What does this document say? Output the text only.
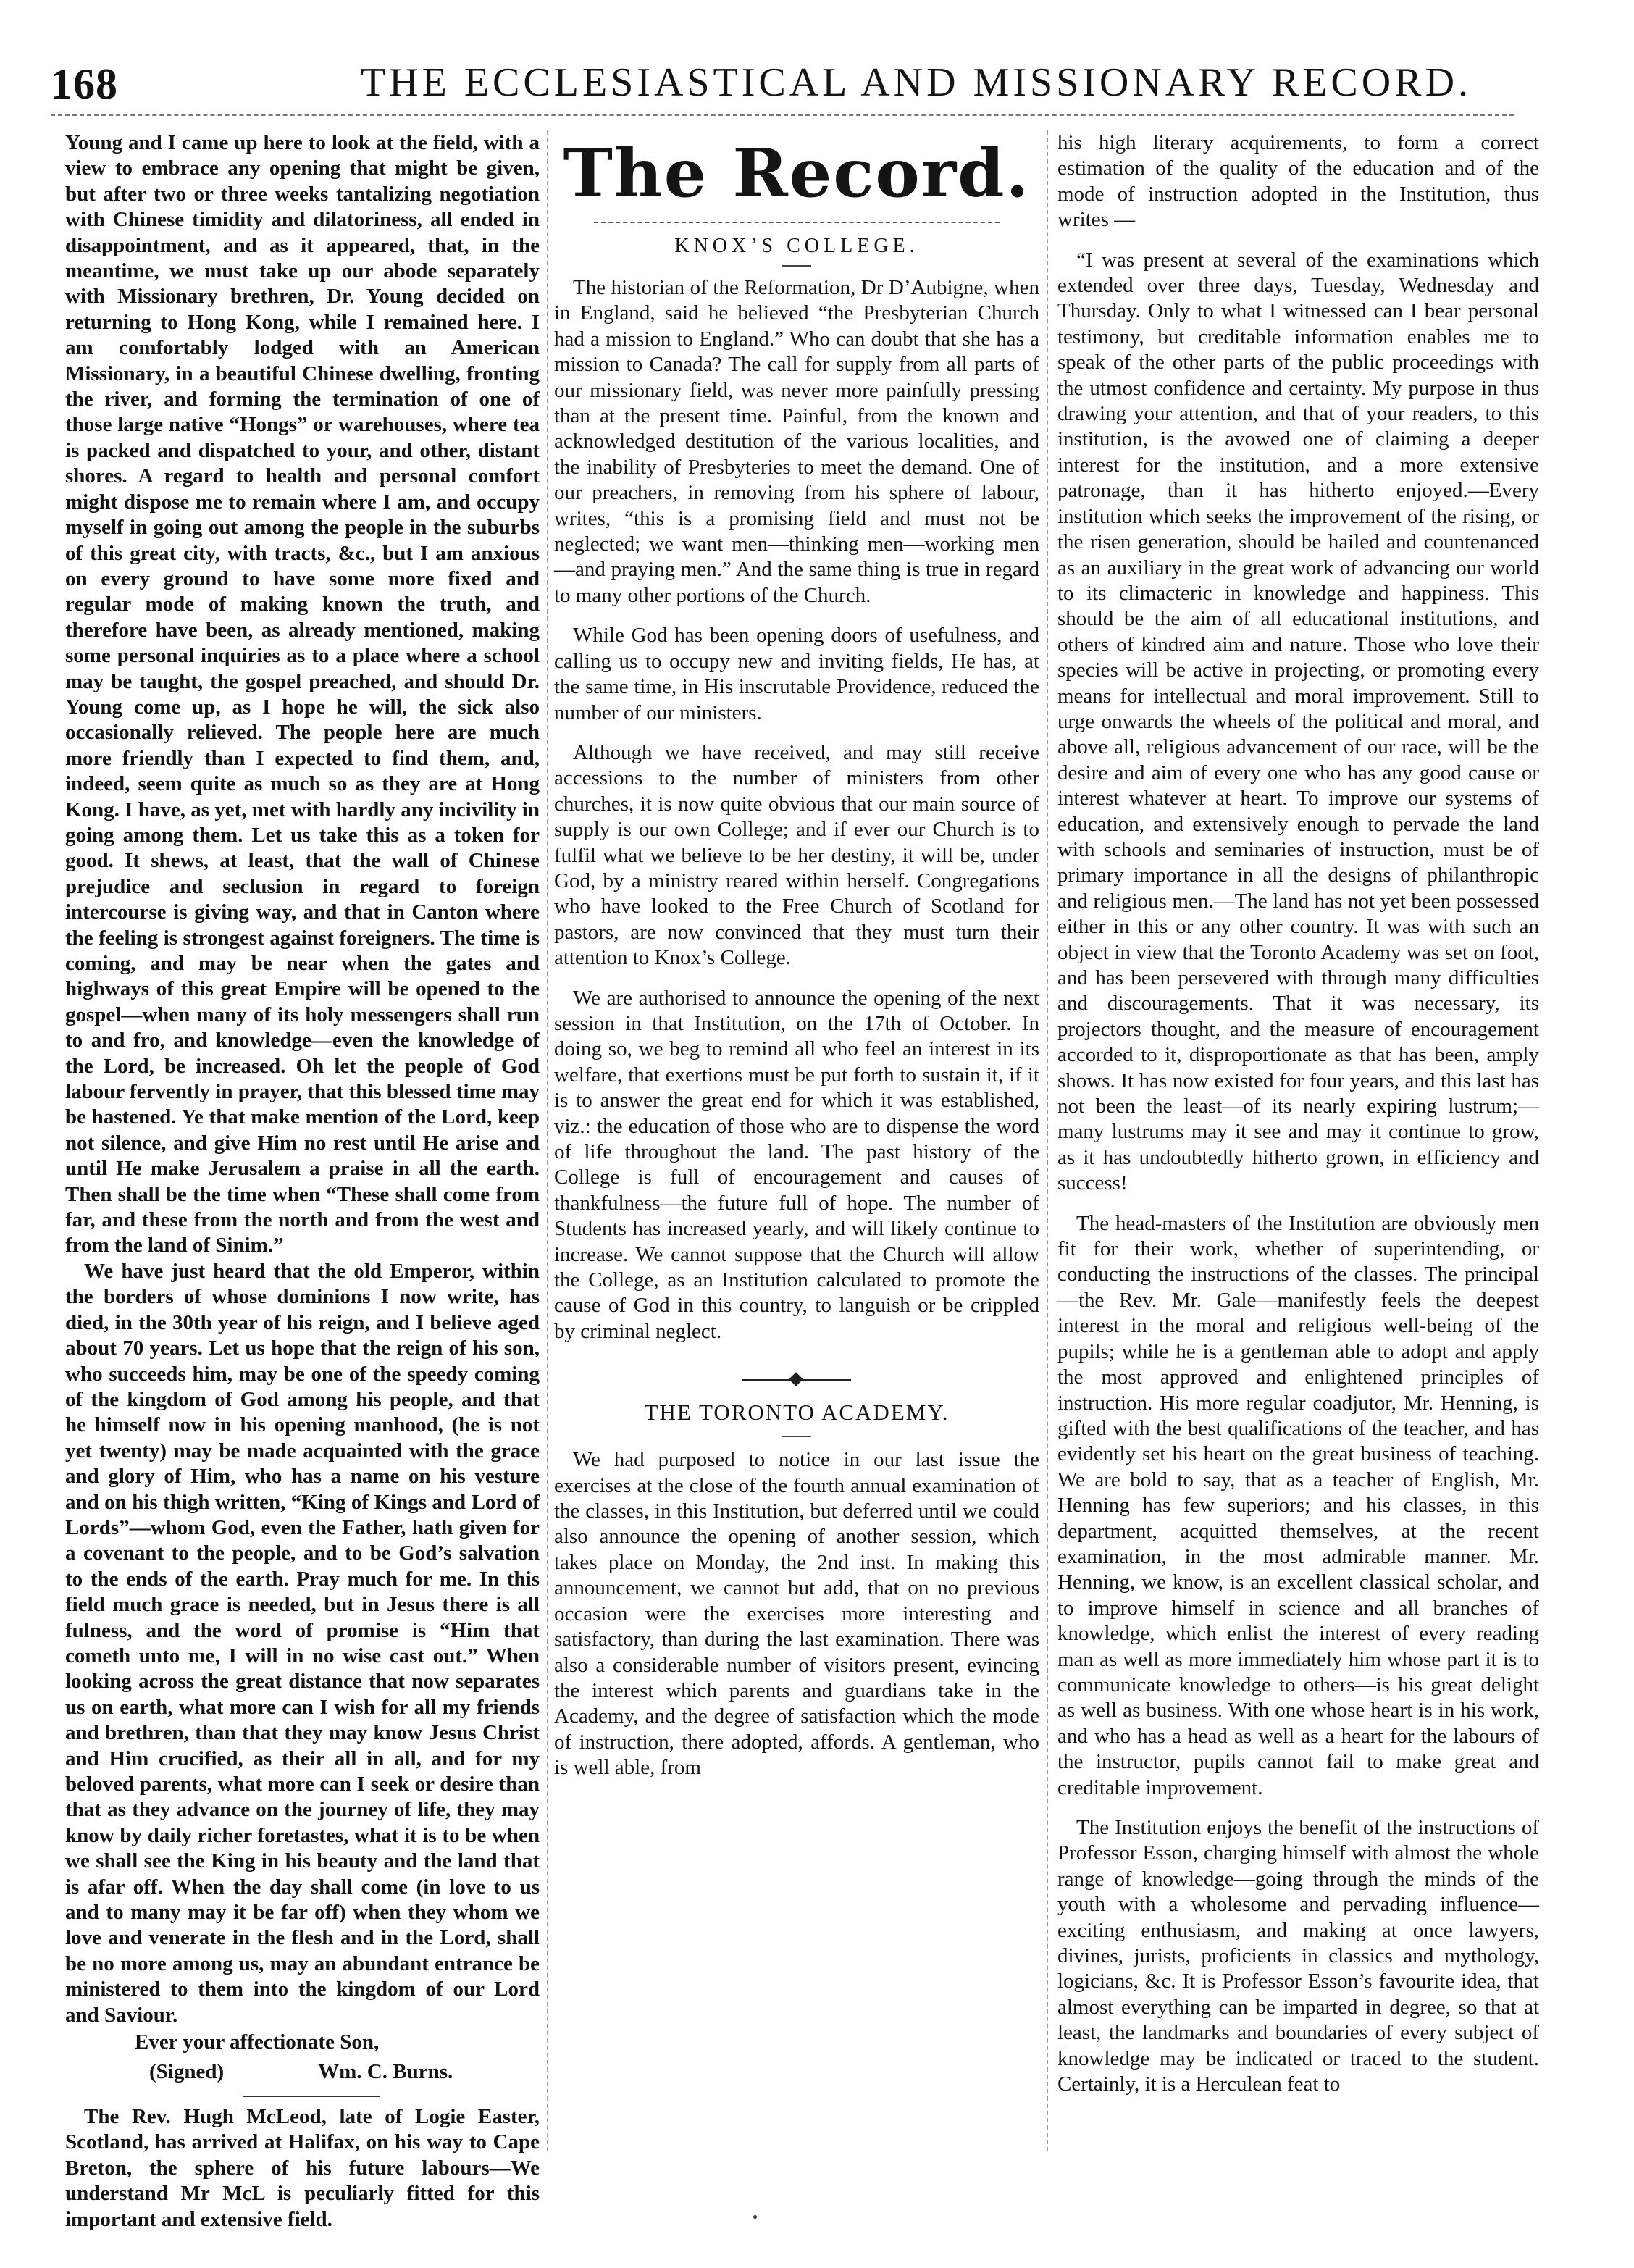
168	THE ECCLESIASTICAL AND MISSIONARY RECORD.

Young and I came up here to look at the field, with a view to embrace any opening that might be given, but after two or three weeks tantalizing negotiation with Chinese timidity and dilatoriness, all ended in disappointment, and as it appeared, that, in the meantime, we must take up our abode separately with Missionary brethren, Dr. Young decided on returning to Hong Kong, while I remained here. I am comfortably lodged with an American Missionary, in a beautiful Chinese dwelling, fronting the river, and forming the termination of one of those large native “Hongs” or warehouses, where tea is packed and dispatched to your, and other, distant shores. A regard to health and personal comfort might dispose me to remain where I am, and occupy myself in going out among the people in the suburbs of this great city, with tracts, &c., but I am anxious on every ground to have some more fixed and regular mode of making known the truth, and therefore have been, as already mentioned, making some personal inquiries as to a place where a school may be taught, the gospel preached, and should Dr. Young come up, as I hope he will, the sick also occasionally relieved. The people here are much more friendly than I expected to find them, and, indeed, seem quite as much so as they are at Hong Kong. I have, as yet, met with hardly any incivility in going among them. Let us take this as a token for good. It shews, at least, that the wall of Chinese prejudice and seclusion in regard to foreign intercourse is giving way, and that in Canton where the feeling is strongest against foreigners. The time is coming, and may be near when the gates and highways of this great Empire will be opened to the gospel—when many of its holy messengers shall run to and fro, and knowledge—even the knowledge of the Lord, be increased. Oh let the people of God labour fervently in prayer, that this blessed time may be hastened. Ye that make mention of the Lord, keep not silence, and give Him no rest until He arise and until He make Jerusalem a praise in all the earth. Then shall be the time when “These shall come from far, and these from the north and from the west and from the land of Sinim.”

We have just heard that the old Emperor, within the borders of whose dominions I now write, has died, in the 30th year of his reign, and I believe aged about 70 years. Let us hope that the reign of his son, who succeeds him, may be one of the speedy coming of the kingdom of God among his people, and that he himself now in his opening manhood, (he is not yet twenty) may be made acquainted with the grace and glory of Him, who has a name on his vesture and on his thigh written, “King of Kings and Lord of Lords”—whom God, even the Father, hath given for a covenant to the people, and to be God’s salvation to the ends of the earth. Pray much for me. In this field much grace is needed, but in Jesus there is all fulness, and the word of promise is “Him that cometh unto me, I will in no wise cast out.” When looking across the great distance that now separates us on earth, what more can I wish for all my friends and brethren, than that they may know Jesus Christ and Him crucified, as their all in all, and for my beloved parents, what more can I seek or desire than that as they advance on the journey of life, they may know by daily richer foretastes, what it is to be when we shall see the King in his beauty and the land that is afar off. When the day shall come (in love to us and to many may it be far off) when they whom we love and venerate in the flesh and in the Lord, shall be no more among us, may an abundant entrance be ministered to them into the kingdom of our Lord and Saviour.

Ever your affectionate Son,

(Signed)	Wm. C. Burns.

The Rev. Hugh McLeod, late of Logie Easter, Scotland, has arrived at Halifax, on his way to Cape Breton, the sphere of his future labours—We understand Mr McL is peculiarly fitted for this important and extensive field.

The Record.
KNOX’S COLLEGE.

The historian of the Reformation, Dr D’Aubigne, when in England, said he believed “the Presbyterian Church had a mission to England.” Who can doubt that she has a mission to Canada? The call for supply from all parts of our missionary field, was never more painfully pressing than at the present time. Painful, from the known and acknowledged destitution of the various localities, and the inability of Presbyteries to meet the demand. One of our preachers, in removing from his sphere of labour, writes, “this is a promising field and must not be neglected; we want men—thinking men—working men—and praying men.” And the same thing is true in regard to many other portions of the Church.

While God has been opening doors of usefulness, and calling us to occupy new and inviting fields, He has, at the same time, in His inscrutable Providence, reduced the number of our ministers.

Although we have received, and may still receive accessions to the number of ministers from other churches, it is now quite obvious that our main source of supply is our own College; and if ever our Church is to fulfil what we believe to be her destiny, it will be, under God, by a ministry reared within herself. Congregations who have looked to the Free Church of Scotland for pastors, are now convinced that they must turn their attention to Knox’s College.

We are authorised to announce the opening of the next session in that Institution, on the 17th of October. In doing so, we beg to remind all who feel an interest in its welfare, that exertions must be put forth to sustain it, if it is to answer the great end for which it was established, viz.: the education of those who are to dispense the word of life throughout the land. The past history of the College is full of encouragement and causes of thankfulness—the future full of hope. The number of Students has increased yearly, and will likely continue to increase. We cannot suppose that the Church will allow the College, as an Institution calculated to promote the cause of God in this country, to languish or be crippled by criminal neglect.

THE TORONTO ACADEMY.

We had purposed to notice in our last issue the exercises at the close of the fourth annual examination of the classes, in this Institution, but deferred until we could also announce the opening of another session, which takes place on Monday, the 2nd inst. In making this announcement, we cannot but add, that on no previous occasion were the exercises more interesting and satisfactory, than during the last examination. There was also a considerable number of visitors present, evincing the interest which parents and guardians take in the Academy, and the degree of satisfaction which the mode of instruction, there adopted, affords. A gentleman, who is well able, from

his high literary acquirements, to form a correct estimation of the quality of the education and of the mode of instruction adopted in the Institution, thus writes —

“I was present at several of the examinations which extended over three days, Tuesday, Wednesday and Thursday. Only to what I witnessed can I bear personal testimony, but creditable information enables me to speak of the other parts of the public proceedings with the utmost confidence and certainty. My purpose in thus drawing your attention, and that of your readers, to this institution, is the avowed one of claiming a deeper interest for the institution, and a more extensive patronage, than it has hitherto enjoyed.—Every institution which seeks the improvement of the rising, or the risen generation, should be hailed and countenanced as an auxiliary in the great work of advancing our world to its climacteric in knowledge and happiness. This should be the aim of all educational institutions, and others of kindred aim and nature. Those who love their species will be active in projecting, or promoting every means for intellectual and moral improvement. Still to urge onwards the wheels of the political and moral, and above all, religious advancement of our race, will be the desire and aim of every one who has any good cause or interest whatever at heart. To improve our systems of education, and extensively enough to pervade the land with schools and seminaries of instruction, must be of primary importance in all the designs of philanthropic and religious men.—The land has not yet been possessed either in this or any other country. It was with such an object in view that the Toronto Academy was set on foot, and has been persevered with through many difficulties and discouragements. That it was necessary, its projectors thought, and the measure of encouragement accorded to it, disproportionate as that has been, amply shows. It has now existed for four years, and this last has not been the least—of its nearly expiring lustrum;—many lustrums may it see and may it continue to grow, as it has undoubtedly hitherto grown, in efficiency and success!

The head-masters of the Institution are obviously men fit for their work, whether of superintending, or conducting the instructions of the classes. The principal—the Rev. Mr. Gale—manifestly feels the deepest interest in the moral and religious well-being of the pupils; while he is a gentleman able to adopt and apply the most approved and enlightened principles of instruction. His more regular coadjutor, Mr. Henning, is gifted with the best qualifications of the teacher, and has evidently set his heart on the great business of teaching. We are bold to say, that as a teacher of English, Mr. Henning has few superiors; and his classes, in this department, acquitted themselves, at the recent examination, in the most admirable manner. Mr. Henning, we know, is an excellent classical scholar, and to improve himself in science and all branches of knowledge, which enlist the interest of every reading man as well as more immediately him whose part it is to communicate knowledge to others—is his great delight as well as business. With one whose heart is in his work, and who has a head as well as a heart for the labours of the instructor, pupils cannot fail to make great and creditable improvement.

The Institution enjoys the benefit of the instructions of Professor Esson, charging himself with almost the whole range of knowledge—going through the minds of the youth with a wholesome and pervading influence—exciting enthusiasm, and making at once lawyers, divines, jurists, proficients in classics and mythology, logicians, &c. It is Professor Esson’s favourite idea, that almost everything can be imparted in degree, so that at least, the landmarks and boundaries of every subject of knowledge may be indicated or traced to the student. Certainly, it is a Herculean feat to
